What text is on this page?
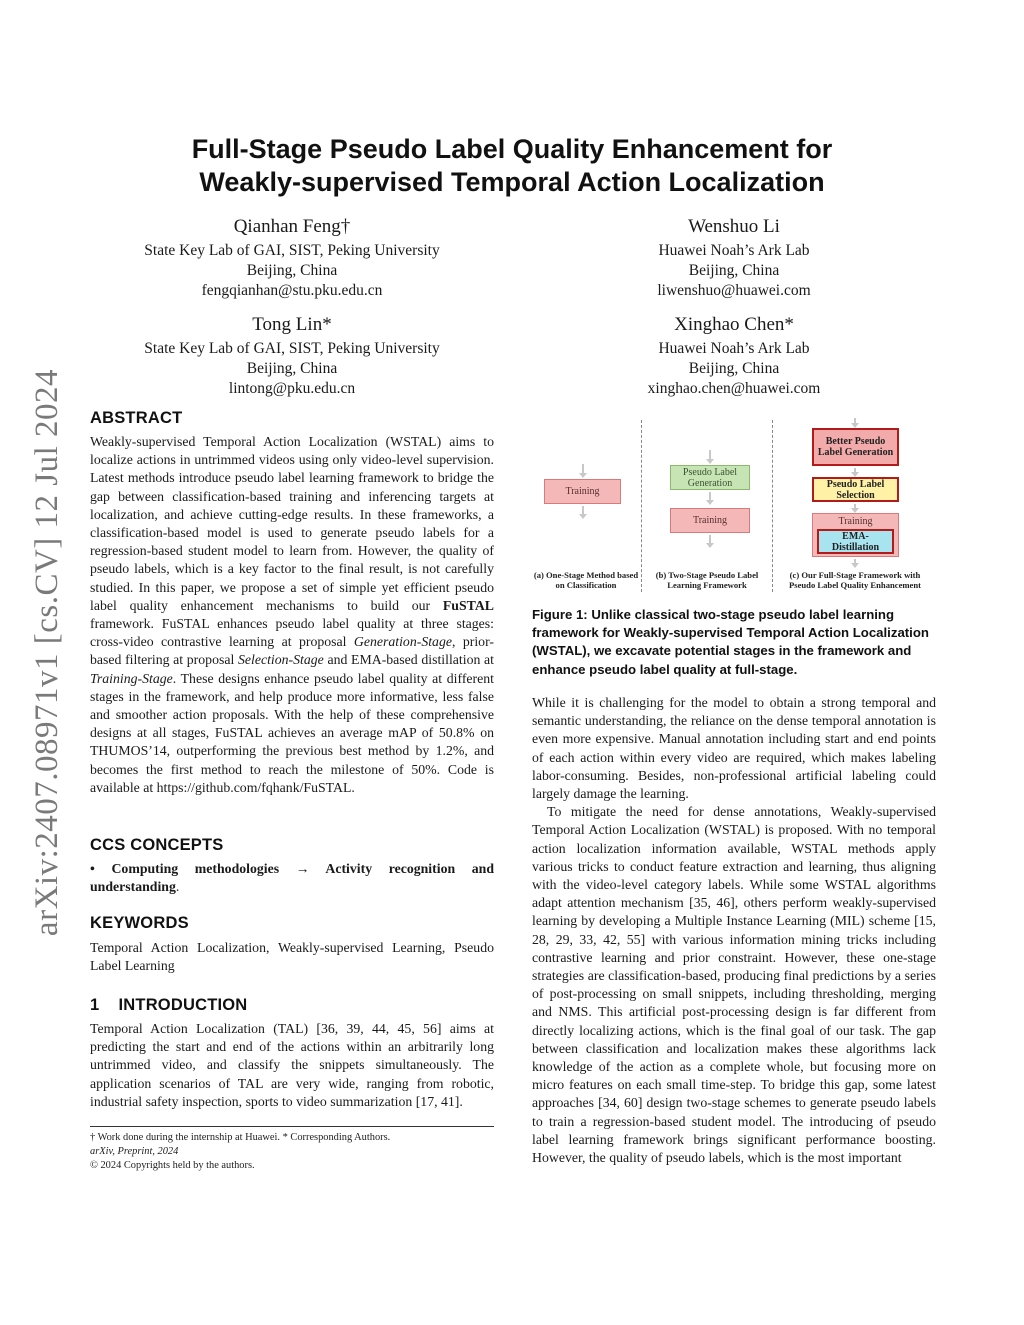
arXiv:2407.08971v1 [cs.CV] 12 Jul 2024
Full-Stage Pseudo Label Quality Enhancement for
Weakly-supervised Temporal Action Localization
Qianhan Feng†
State Key Lab of GAI, SIST, Peking University
Beijing, China
fengqianhan@stu.pku.edu.cn
Wenshuo Li
Huawei Noah’s Ark Lab
Beijing, China
liwenshuo@huawei.com
Tong Lin*
State Key Lab of GAI, SIST, Peking University
Beijing, China
lintong@pku.edu.cn
Xinghao Chen*
Huawei Noah’s Ark Lab
Beijing, China
xinghao.chen@huawei.com
ABSTRACT

Weakly-supervised Temporal Action Localization (WSTAL) aims to localize actions in untrimmed videos using only video-level supervision. Latest methods introduce pseudo label learning framework to bridge the gap between classification-based training and inferencing targets at localization, and achieve cutting-edge results. In these frameworks, a classification-based model is used to generate pseudo labels for a regression-based student model to learn from. However, the quality of pseudo labels, which is a key factor to the final result, is not carefully studied. In this paper, we propose a set of simple yet efficient pseudo label quality enhancement mechanisms to build our FuSTAL framework. FuSTAL enhances pseudo label quality at three stages: cross-video contrastive learning at proposal Generation-Stage, prior-based filtering at proposal Selection-Stage and EMA-based distillation at Training-Stage. These designs enhance pseudo label quality at different stages in the framework, and help produce more informative, less false and smoother action proposals. With the help of these comprehensive designs at all stages, FuSTAL achieves an average mAP of 50.8% on THUMOS’14, outperforming the previous best method by 1.2%, and becomes the first method to reach the milestone of 50%. Code is available at https://github.com/fqhank/FuSTAL.

CCS CONCEPTS

• Computing methodologies → Activity recognition and understanding.

KEYWORDS
Temporal Action Localization, Weakly-supervised Learning, Pseudo Label Learning
1    INTRODUCTION
Temporal Action Localization (TAL) [36, 39, 44, 45, 56] aims at predicting the start and end of the actions within an arbitrarily long untrimmed video, and classify the snippets simultaneously. The application scenarios of TAL are very wide, ranging from robotic, industrial safety inspection, sports to video summarization [17, 41].
† Work done during the internship at Huawei. * Corresponding Authors.
arXiv, Preprint, 2024
© 2024 Copyrights held by the authors.
Training
(a) One-Stage Method based on Classification
Pseudo Label Generation
Training
(b) Two-Stage Pseudo Label Learning Framework
Better Pseudo Label Generation
Pseudo Label Selection
Training
EMA-Distillation
(c) Our Full-Stage Framework with Pseudo Label Quality Enhancement
Figure 1: Unlike classical two-stage pseudo label learning framework for Weakly-supervised Temporal Action Localization (WSTAL), we excavate potential stages in the framework and enhance pseudo label quality at full-stage.

While it is challenging for the model to obtain a strong temporal and semantic understanding, the reliance on the dense temporal annotation is even more expensive. Manual annotation including start and end points of each action within every video are required, which makes labeling labor-consuming. Besides, non-professional artificial labeling could largely damage the learning.

To mitigate the need for dense annotations, Weakly-supervised Temporal Action Localization (WSTAL) is proposed. With no temporal action localization information available, WSTAL methods apply various tricks to conduct feature extraction and learning, thus aligning with the video-level category labels. While some WSTAL algorithms adapt attention mechanism [35, 46], others perform weakly-supervised learning by developing a Multiple Instance Learning (MIL) scheme [15, 28, 29, 33, 42, 55] with various information mining tricks including contrastive learning and prior constraint. However, these one-stage strategies are classification-based, producing final predictions by a series of post-processing on small snippets, including thresholding, merging and NMS. This artificial post-processing design is far different from directly localizing actions, which is the final goal of our task. The gap between classification and localization makes these algorithms lack knowledge of the action as a complete whole, but focusing more on micro features on each small time-step. To bridge this gap, some latest approaches [34, 60] design two-stage schemes to generate pseudo labels to train a regression-based student model. The introducing of pseudo label learning framework brings significant performance boosting. However, the quality of pseudo labels, which is the most important
